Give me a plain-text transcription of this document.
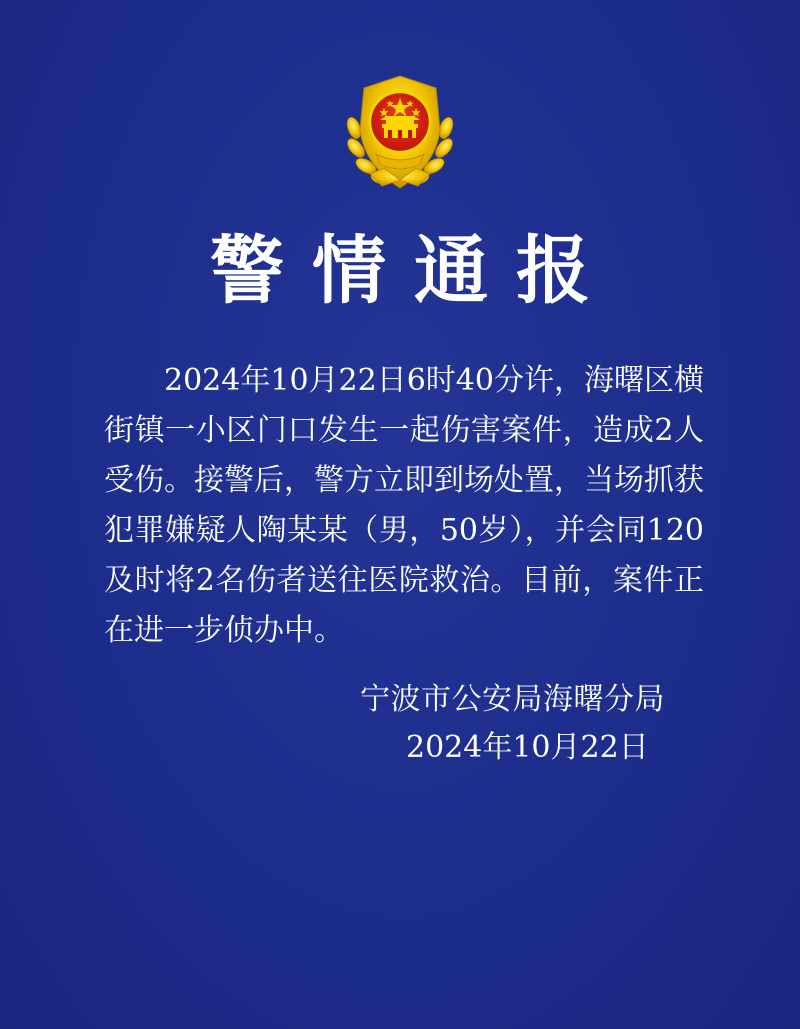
警情通报
2024年10月22日6时40分许，海曙区横街镇一小区门口发生一起伤害案件，造成2人受伤。接警后，警方立即到场处置，当场抓获犯罪嫌疑人陶某某（男，50岁），并会同120及时将2名伤者送往医院救治。目前，案件正在进一步侦办中。
宁波市公安局海曙分局
2024年10月22日
